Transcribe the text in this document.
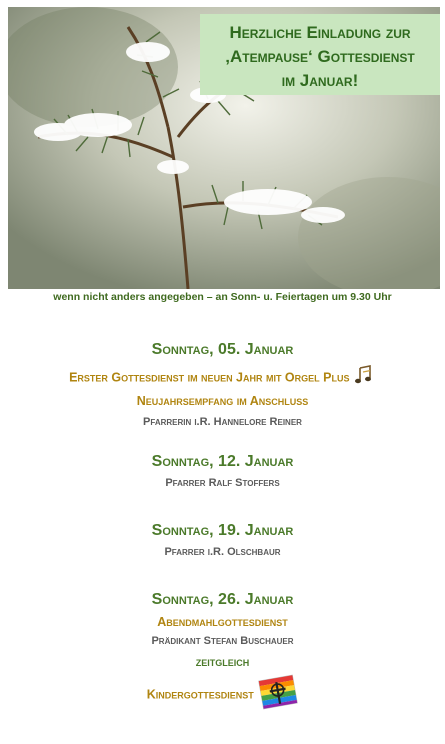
Herzliche Einladung zur
‚Atempause‘ Gottesdienst
im Januar!
wenn nicht anders angegeben – an Sonn- u. Feiertagen um 9.30 Uhr
Sonntag, 05. Januar
Erster Gottesdienst im neuen Jahr mit Orgel Plus
Neujahrsempfang im Anschluss
Pfarrerin i.R. Hannelore Reiner
Sonntag, 12. Januar
Pfarrer Ralf Stoffers
Sonntag, 19. Januar
Pfarrer i.R. Olschbaur
Sonntag, 26. Januar
Abendmahlgottesdienst
Prädikant Stefan Buschauer
zeitgleich
Kindergottesdienst
